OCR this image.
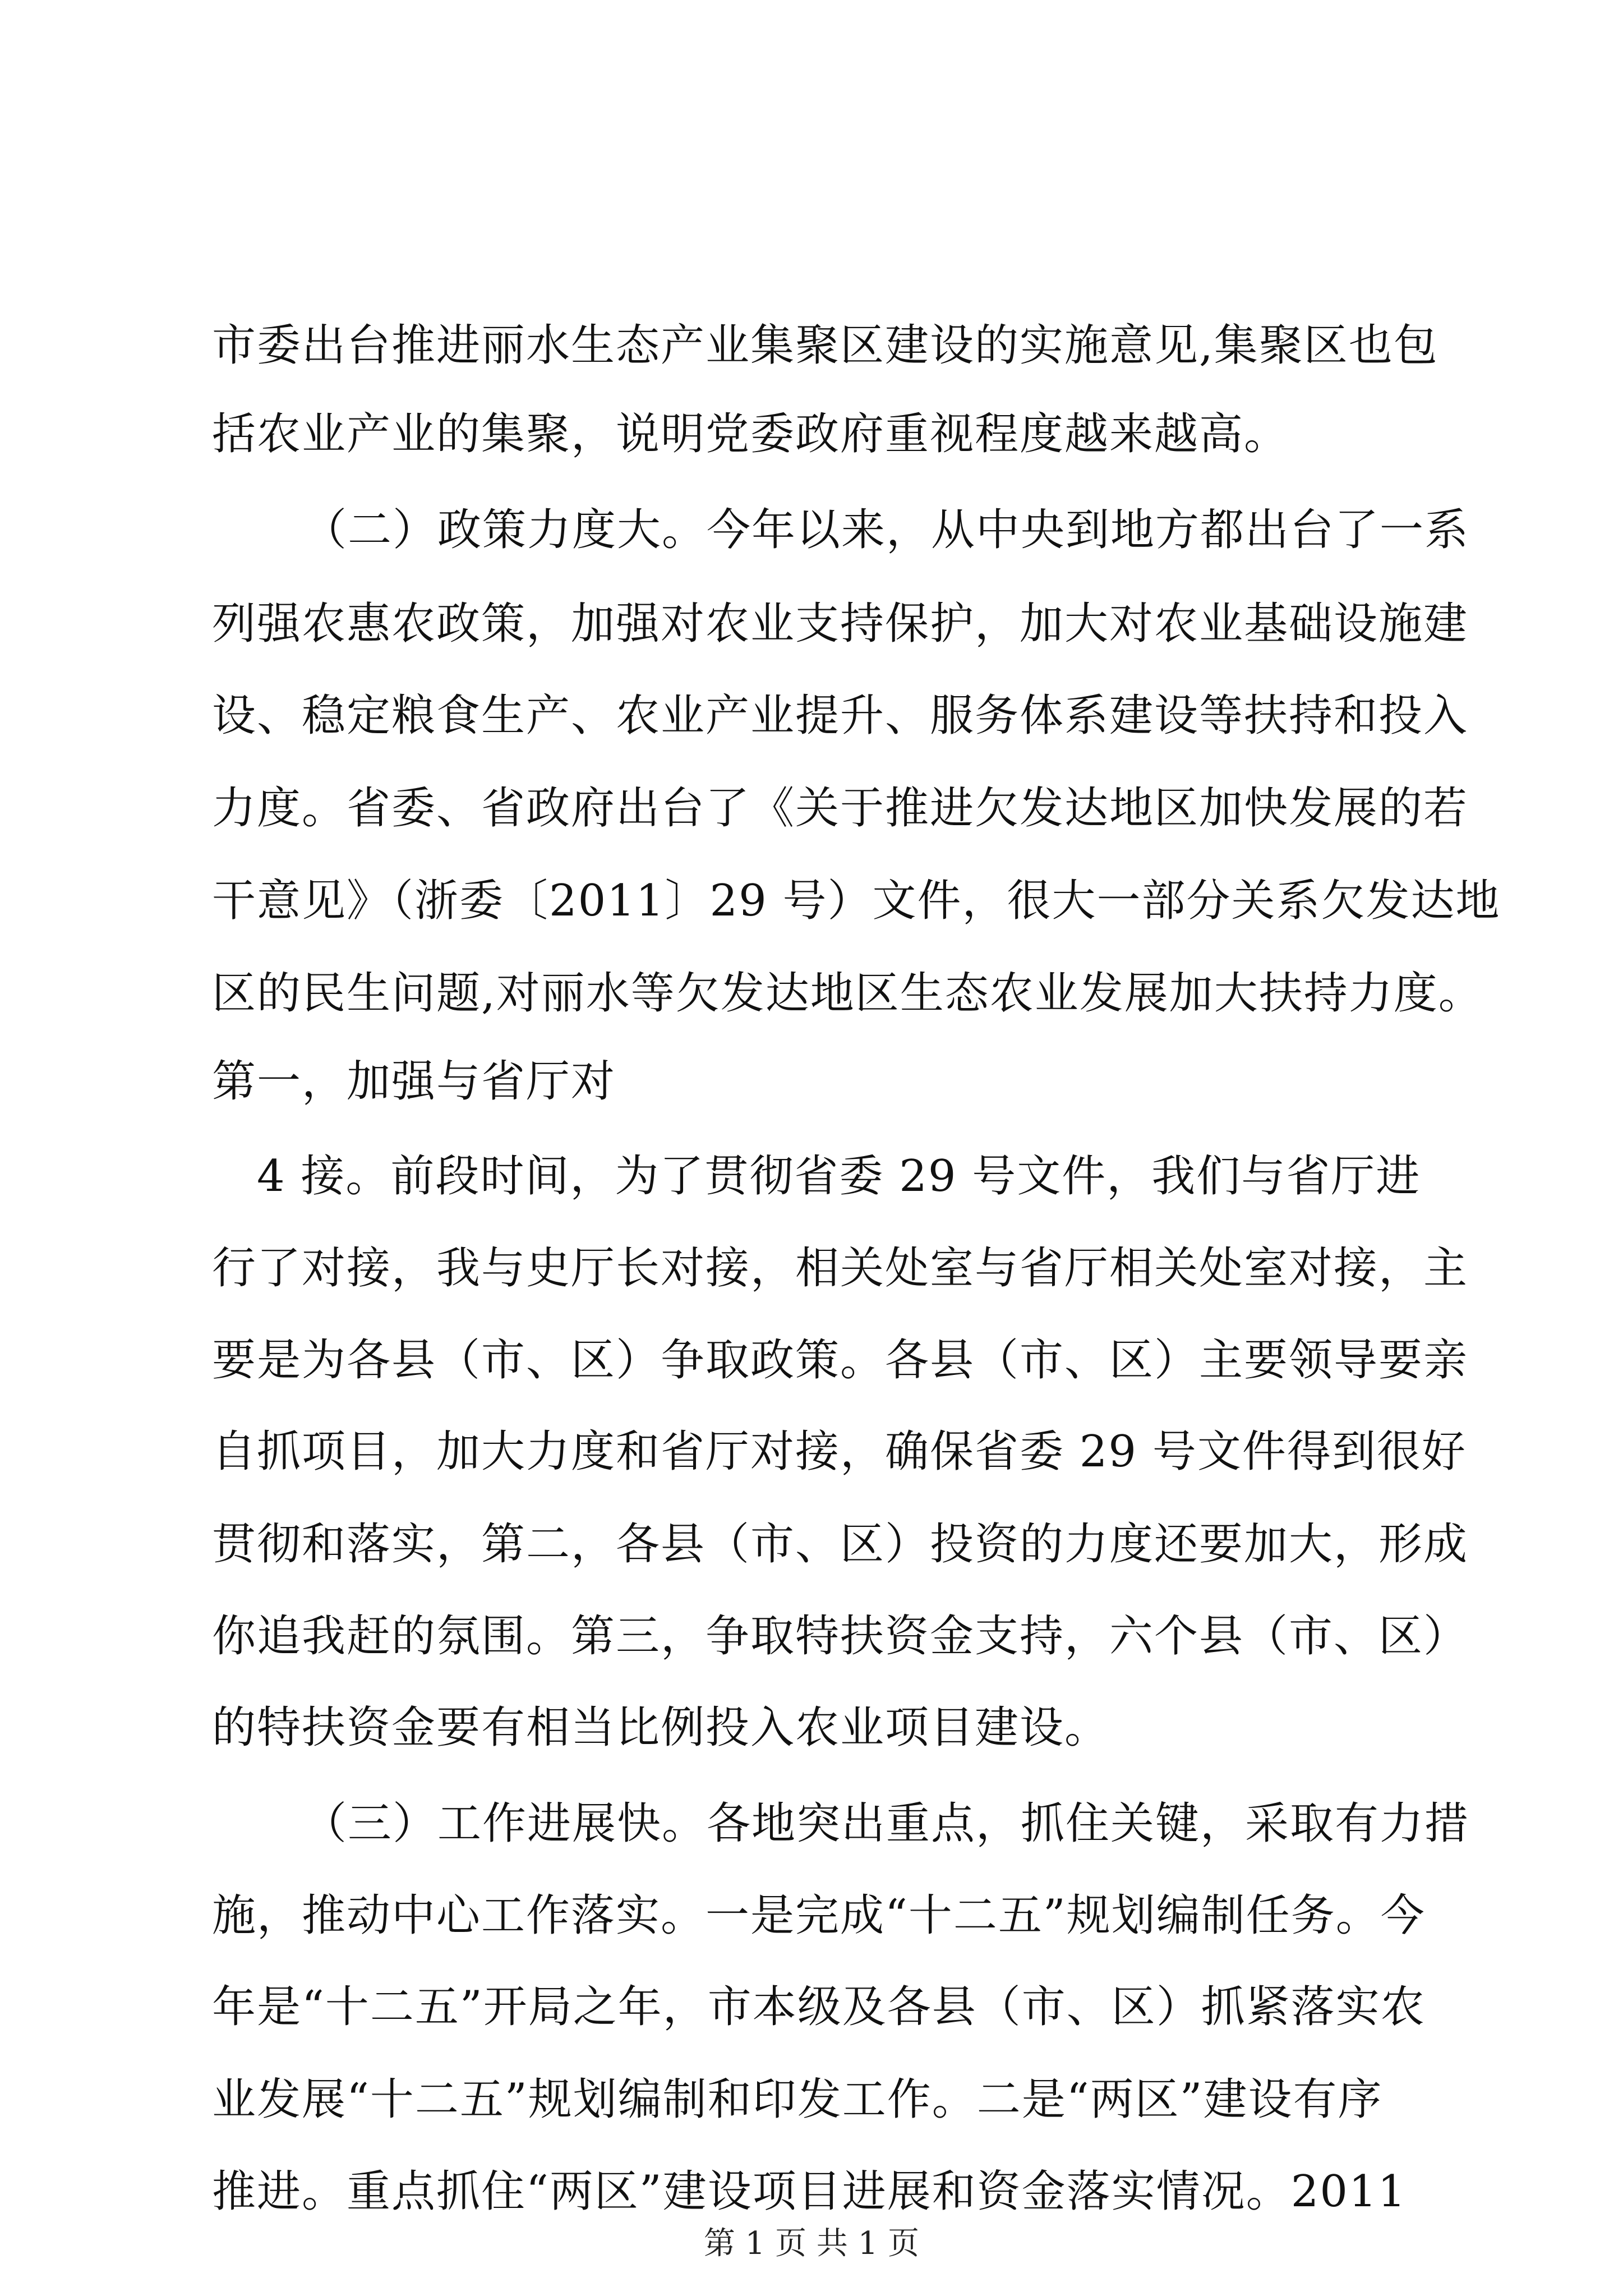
市委出台推进丽水生态产业集聚区建设的实施意见,集聚区也包
括农业产业的集聚，说明党委政府重视程度越来越高。
（二）政策力度大。今年以来，从中央到地方都出台了一系
列强农惠农政策，加强对农业支持保护，加大对农业基础设施建
设、稳定粮食生产、农业产业提升、服务体系建设等扶持和投入
力度。省委、省政府出台了《关于推进欠发达地区加快发展的若
干意见》（浙委〔2011〕29 号）文件，很大一部分关系欠发达地
区的民生问题,对丽水等欠发达地区生态农业发展加大扶持力度。
第一，加强与省厅对
4 接。前段时间，为了贯彻省委 29 号文件，我们与省厅进
行了对接，我与史厅长对接，相关处室与省厅相关处室对接，主
要是为各县（市、区）争取政策。各县（市、区）主要领导要亲
自抓项目，加大力度和省厅对接，确保省委 29 号文件得到很好
贯彻和落实，第二，各县（市、区）投资的力度还要加大，形成
你追我赶的氛围。第三，争取特扶资金支持，六个县（市、区）
的特扶资金要有相当比例投入农业项目建设。
（三）工作进展快。各地突出重点，抓住关键，采取有力措
施，推动中心工作落实。一是完成“十二五”规划编制任务。今
年是“十二五”开局之年，市本级及各县（市、区）抓紧落实农
业发展“十二五”规划编制和印发工作。二是“两区”建设有序
推进。重点抓住“两区”建设项目进展和资金落实情况。2011
第 1 页 共 1 页
